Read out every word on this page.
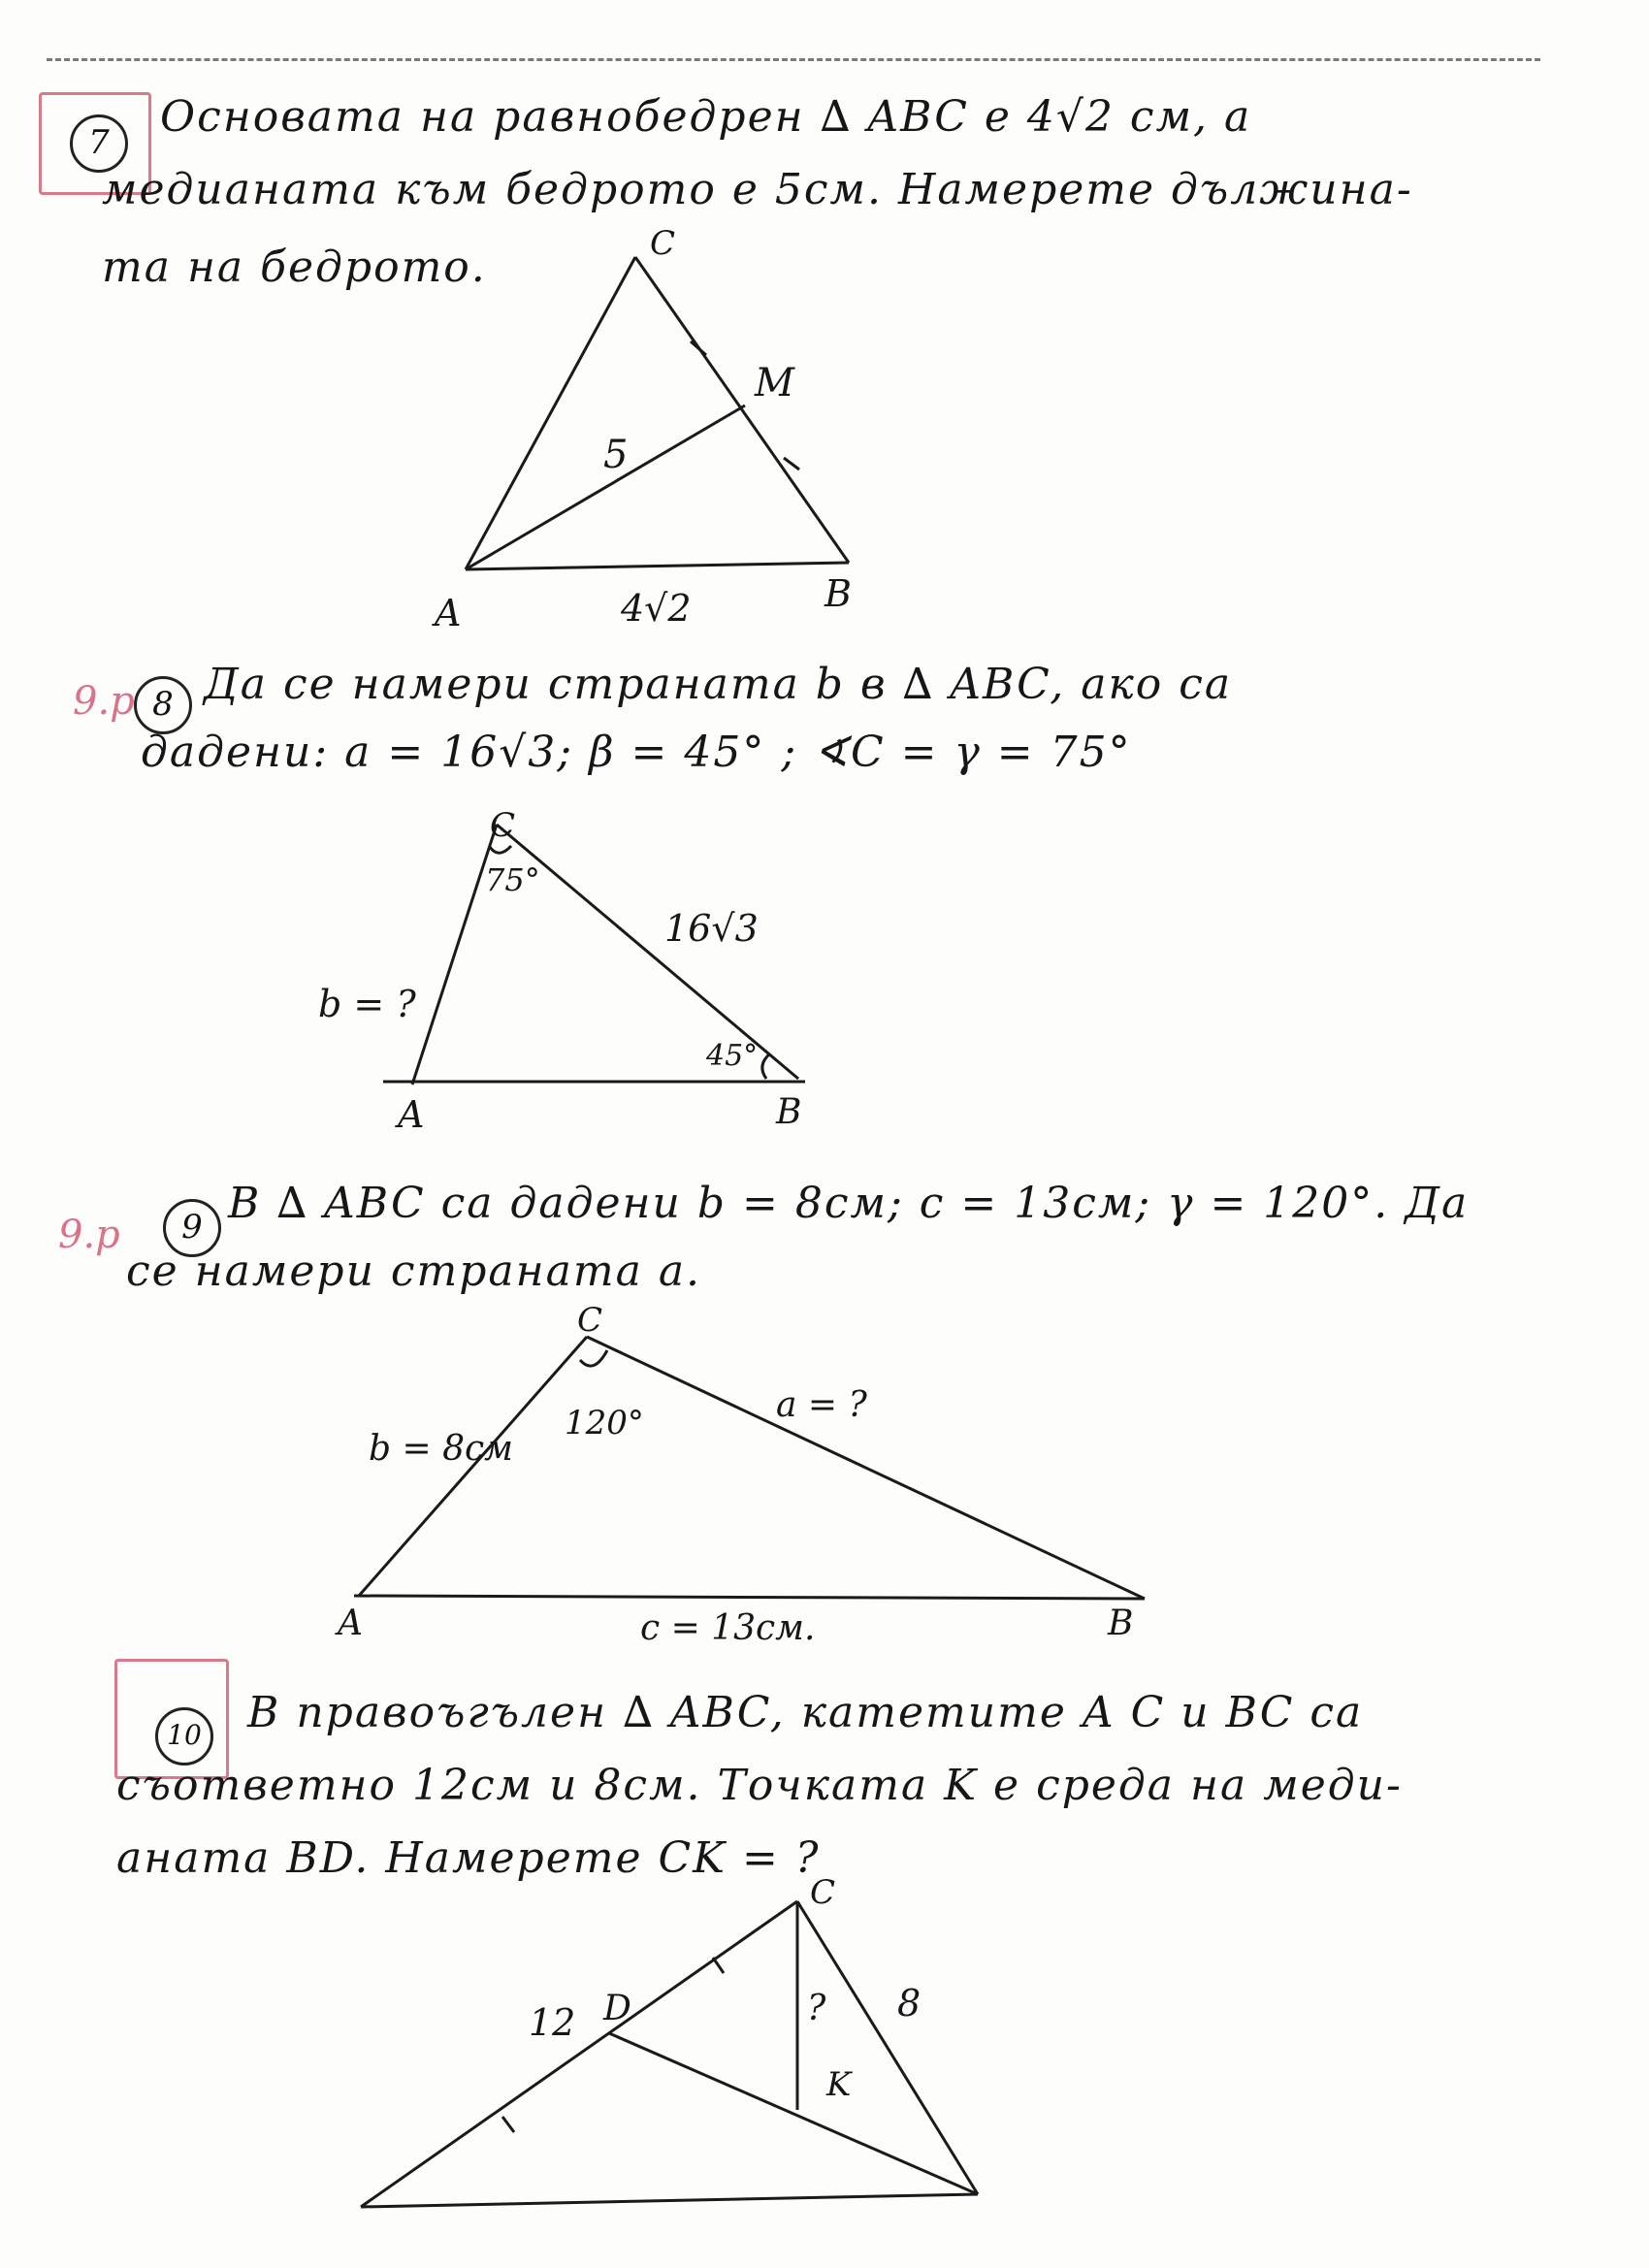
7
Основата на равнобедрен ∆ ABC е 4√2 см, а
медианата към бедрото е 5см. Намерете дължина-
та на бедрото.	C
M
5
A	B
4√2
C
75°
16√3
b = ?
45°
A	B
C
b = 8см
120°	a = ?
A	c = 13см.	B
C
D
12	? 8
K
9.р 8 Да се намери страната b в ∆ ABC, ако са
дадени: a = 16√3; β = 45° ; ∢C = γ = 75°
9.р	9 B ∆ ABC са дадени b = 8см; c = 13см; γ = 120°. Да
се намери страната a.
10 B правоъгълен ∆ ABC, катетите A C и BC са
съответно 12см и 8см. Точката K е среда на меди-
аната BD. Намерете CK = ?
